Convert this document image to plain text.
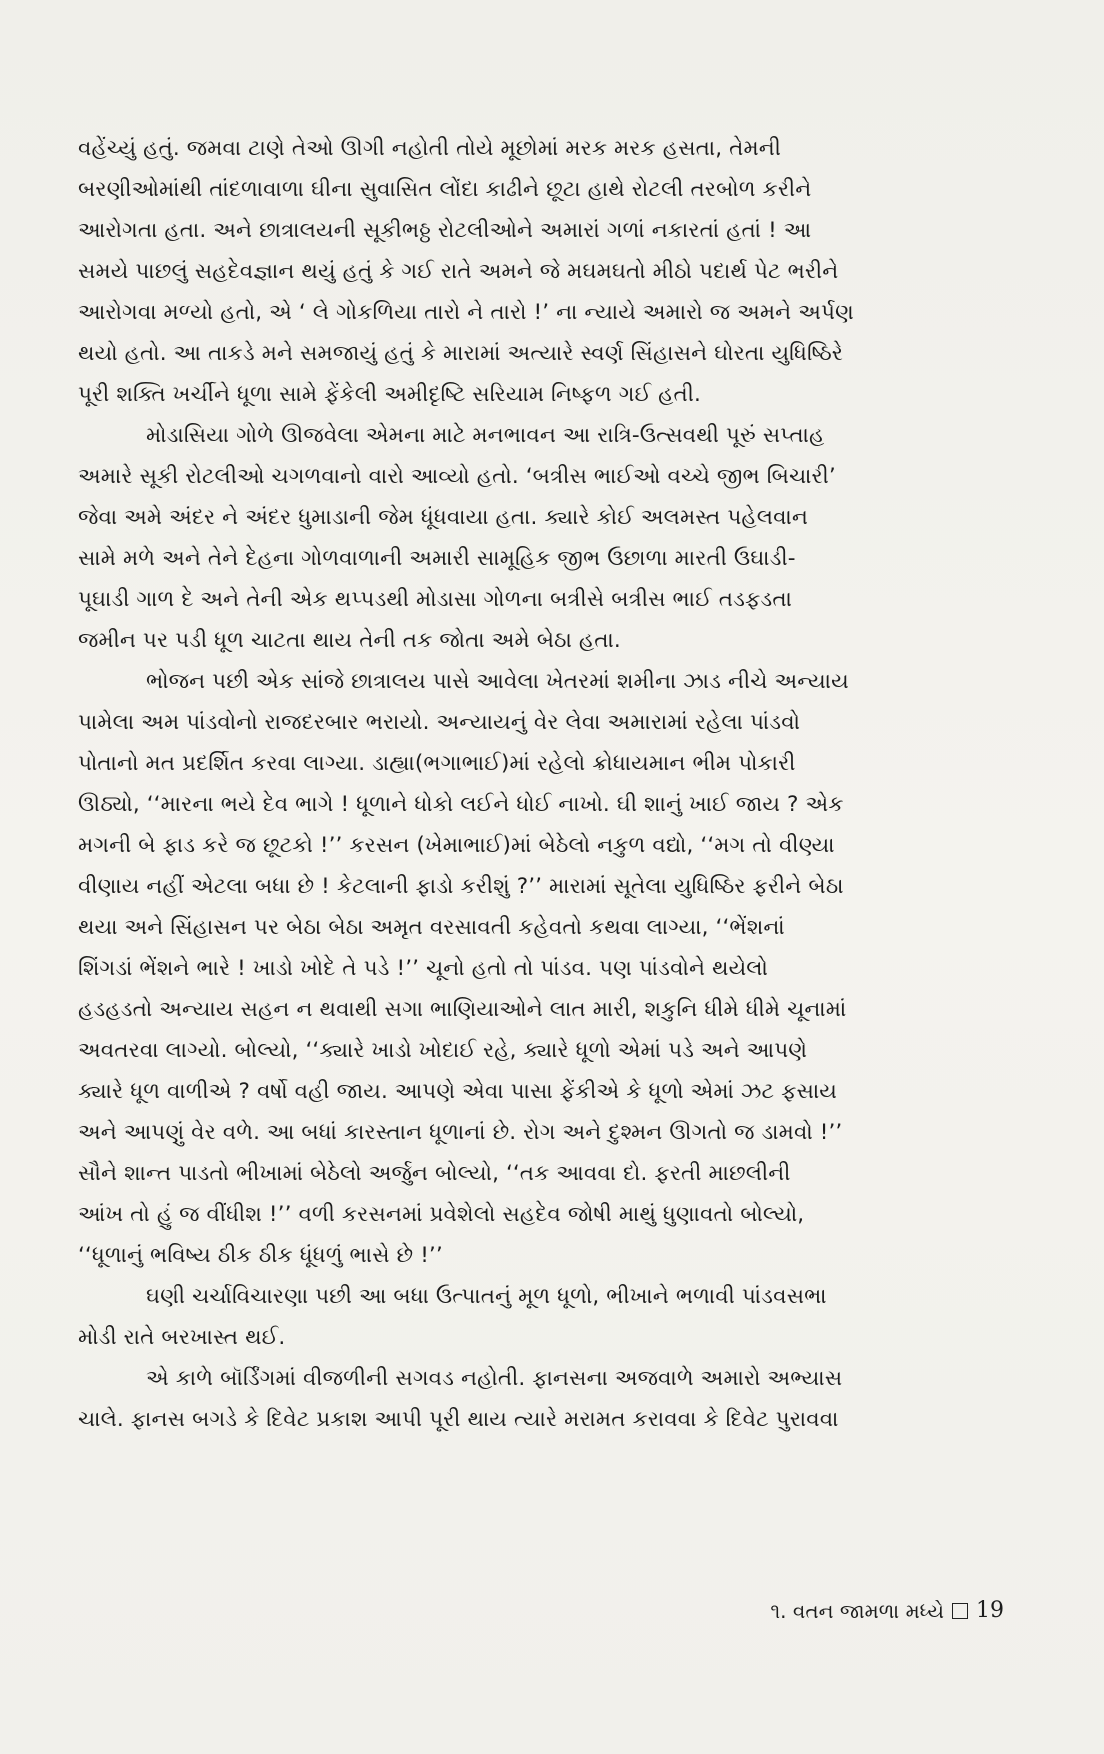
વહેંચ્યું હતું. જમવા ટાણે તેઓ ઊગી નહોતી તોયે મૂછોમાં મરક મરક હસતા, તેમની
બરણીઓમાંથી તાંદળાવાળા ઘીના સુવાસિત લોંદા કાઢીને છૂટા હાથે રોટલી તરબોળ કરીને
આરોગતા હતા. અને છાત્રાલયની સૂકીભઠ્ઠ રોટલીઓને અમારાં ગળાં નકારતાં હતાં ! આ
સમયે પાછલું સહદેવજ્ઞાન થયું હતું કે ગઈ રાતે અમને જે મઘમઘતો મીઠો પદાર્થ પેટ ભરીને
આરોગવા મળ્યો હતો, એ ‘ લે ગોકળિયા તારો ને તારો !’ ના ન્યાયે અમારો જ અમને અર્પણ
થયો હતો. આ તાકડે મને સમજાયું હતું કે મારામાં અત્યારે સ્વર્ણ સિંહાસને ઘોરતા યુધિષ્ઠિરે
પૂરી શક્તિ ખર્ચીને ધૂળા સામે ફેંકેલી અમીદૃષ્ટિ સરિયામ નિષ્ફળ ગઈ હતી.
મોડાસિયા ગોળે ઊજવેલા એમના માટે મનભાવન આ રાત્રિ-ઉત્સવથી પૂરું સપ્તાહ
અમારે સૂકી રોટલીઓ ચગળવાનો વારો આવ્યો હતો. ‘બત્રીસ ભાઈઓ વચ્ચે જીભ બિચારી’
જેવા અમે અંદર ને અંદર ધુમાડાની જેમ ધૂંધવાયા હતા. ક્યારે કોઈ અલમસ્ત પહેલવાન
સામે મળે અને તેને દેહના ગોળવાળાની અમારી સામૂહિક જીભ ઉછાળા મારતી ઉઘાડી-
પૂઘાડી ગાળ દે અને તેની એક થપ્પડથી મોડાસા ગોળના બત્રીસે બત્રીસ ભાઈ તડફડતા
જમીન પર પડી ધૂળ ચાટતા થાય તેની તક જોતા અમે બેઠા હતા.
ભોજન પછી એક સાંજે છાત્રાલય પાસે આવેલા ખેતરમાં શમીના ઝાડ નીચે અન્યાય
પામેલા અમ પાંડવોનો રાજદરબાર ભરાયો. અન્યાયનું વેર લેવા અમારામાં રહેલા પાંડવો
પોતાનો મત પ્રદર્શિત કરવા લાગ્યા. ડાહ્યા(ભગાભાઈ)માં રહેલો ક્રોધાયમાન ભીમ પોકારી
ઊઠ્યો, ‘‘મારના ભયે દેવ ભાગે ! ધૂળાને ધોકો લઈને ધોઈ નાખો. ઘી શાનું ખાઈ જાય ? એક
મગની બે ફાડ કરે જ છૂટકો !’’ કરસન (ખેમાભાઈ)માં બેઠેલો નકુળ વદ્યો, ‘‘મગ તો વીણ્યા
વીણાય નહીં એટલા બધા છે ! કેટલાની ફાડો કરીશું ?’’ મારામાં સૂતેલા યુધિષ્ઠિર ફરીને બેઠા
થયા અને સિંહાસન પર બેઠા બેઠા અમૃત વરસાવતી કહેવતો કથવા લાગ્યા, ‘‘ભેંશનાં
શિંગડાં ભેંશને ભારે ! ખાડો ખોદે તે પડે !’’ ચૂનો હતો તો પાંડવ. પણ પાંડવોને થયેલો
હડહડતો અન્યાય સહન ન થવાથી સગા ભાણિયાઓને લાત મારી, શકુનિ ધીમે ધીમે ચૂનામાં
અવતરવા લાગ્યો. બોલ્યો, ‘‘ક્યારે ખાડો ખોદાઈ રહે, ક્યારે ધૂળો એમાં પડે અને આપણે
ક્યારે ધૂળ વાળીએ ? વર્ષો વહી જાય. આપણે એવા પાસા ફેંકીએ કે ધૂળો એમાં ઝટ ફસાય
અને આપણું વેર વળે. આ બધાં કારસ્તાન ધૂળાનાં છે. રોગ અને દુશ્મન ઊગતો જ ડામવો !’’
સૌને શાન્ત પાડતો ભીખામાં બેઠેલો અર્જુન બોલ્યો, ‘‘તક આવવા દો. ફરતી માછલીની
આંખ તો હું જ વીંધીશ !’’ વળી કરસનમાં પ્રવેશેલો સહદેવ જોષી માથું ધુણાવતો બોલ્યો,
‘‘ધૂળાનું ભવિષ્ય ઠીક ઠીક ધૂંધળું ભાસે છે !’’
ઘણી ચર્ચાવિચારણા પછી આ બધા ઉત્પાતનું મૂળ ધૂળો, ભીખાને ભળાવી પાંડવસભા
મોડી રાતે બરખાસ્ત થઈ.
એ કાળે બૉર્ડિંગમાં વીજળીની સગવડ નહોતી. ફાનસના અજવાળે અમારો અભ્યાસ
ચાલે. ફાનસ બગડે કે દિવેટ પ્રકાશ આપી પૂરી થાય ત્યારે મરામત કરાવવા કે દિવેટ પુરાવવા
૧. વતન જામળા મધ્યે 19
